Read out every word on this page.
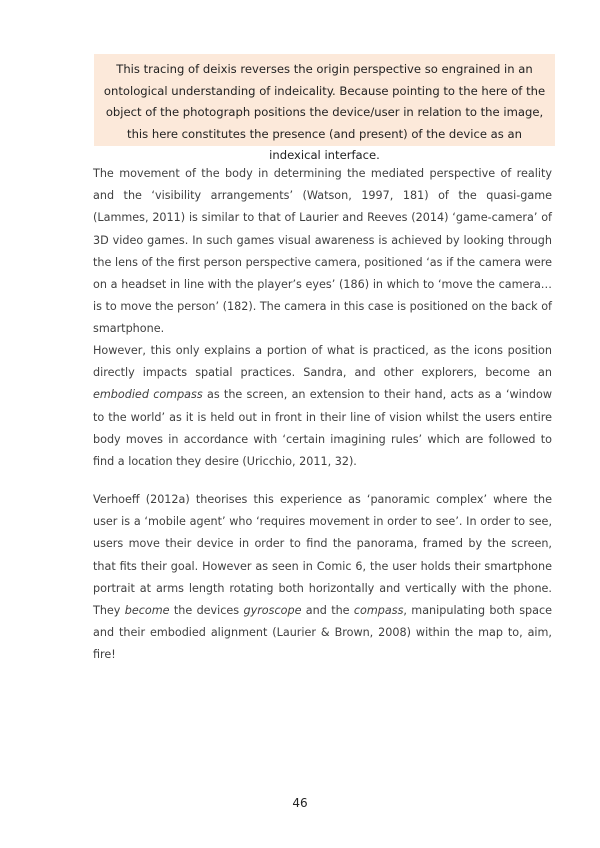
This tracing of deixis reverses the origin perspective so engrained in an ontological understanding of indeicality. Because pointing to the here of the object of the photograph positions the device/user in relation to the image, this here constitutes the presence (and present) of the device as an indexical interface.

The movement of the body in determining the mediated perspective of reality and the ‘visibility arrangements’ (Watson, 1997, 181) of the quasi-game (Lammes, 2011) is similar to that of Laurier and Reeves (2014) ‘game-camera’ of 3D video games. In such games visual awareness is achieved by looking through the lens of the first person perspective camera, positioned ‘as if the camera were on a headset in line with the player’s eyes’ (186) in which to ‘move the camera…is to move the person’ (182). The camera in this case is positioned on the back of smartphone.

However, this only explains a portion of what is practiced, as the icons position directly impacts spatial practices. Sandra, and other explorers, become an embodied compass as the screen, an extension to their hand, acts as a ‘window to the world’ as it is held out in front in their line of vision whilst the users entire body moves in accordance with ‘certain imagining rules’ which are followed to find a location they desire (Uricchio, 2011, 32).

Verhoeff (2012a) theorises this experience as ‘panoramic complex’ where the user is a ‘mobile agent’ who ‘requires movement in order to see’. In order to see, users move their device in order to find the panorama, framed by the screen, that fits their goal. However as seen in Comic 6, the user holds their smartphone portrait at arms length rotating both horizontally and vertically with the phone. They become the devices gyroscope and the compass, manipulating both space and their embodied alignment (Laurier & Brown, 2008) within the map to, aim, fire!

46
